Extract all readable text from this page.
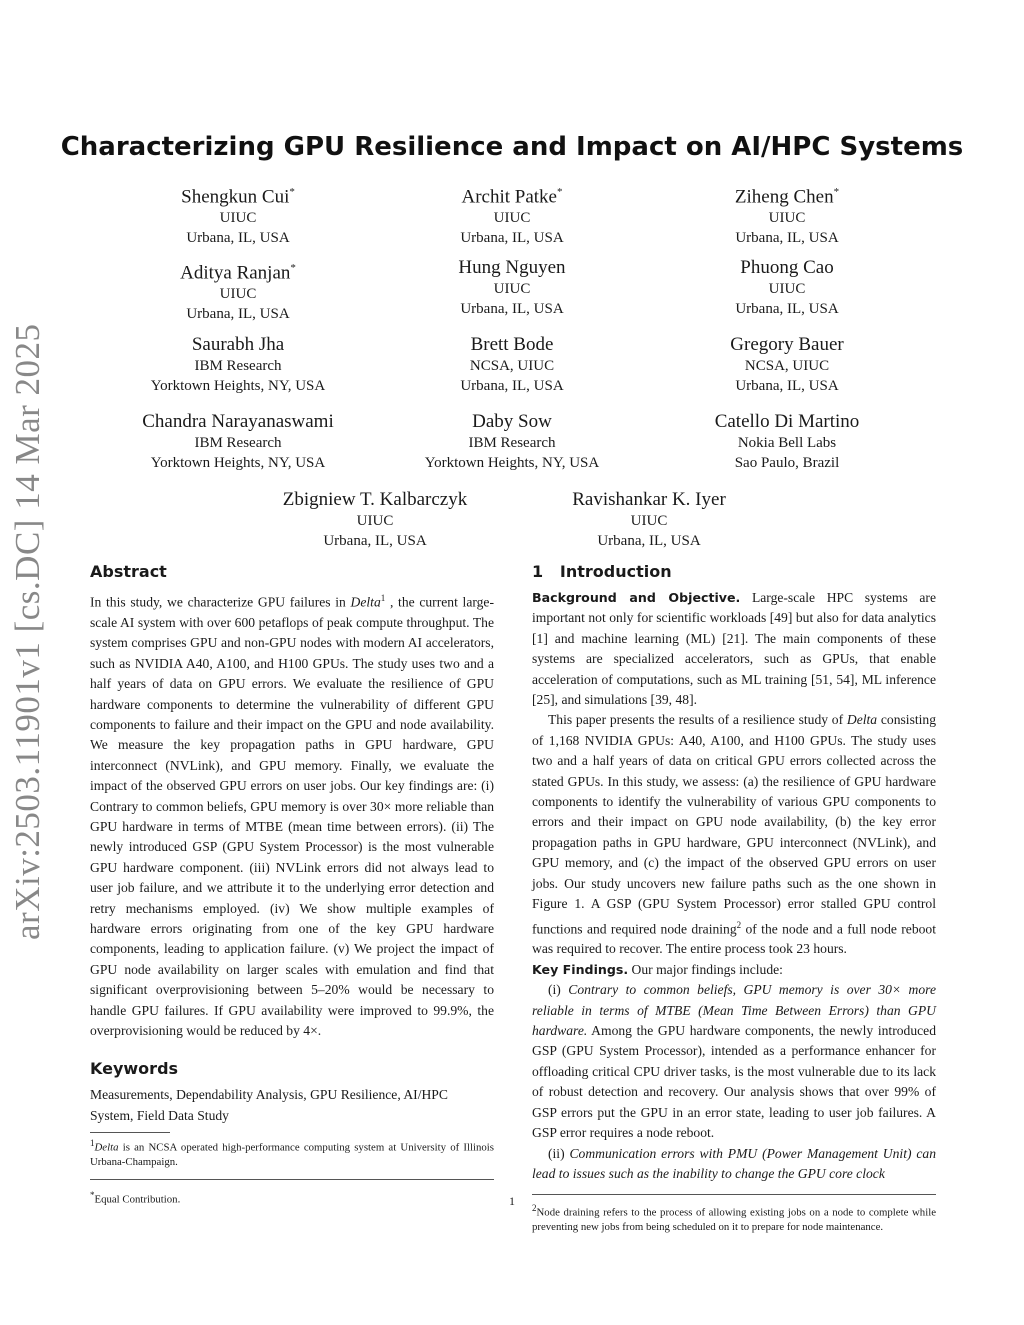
arXiv:2503.11901v1 [cs.DC] 14 Mar 2025
Characterizing GPU Resilience and Impact on AI/HPC Systems
Shengkun Cui*
UIUC
Urbana, IL, USA
Archit Patke*
UIUC
Urbana, IL, USA
Ziheng Chen*
UIUC
Urbana, IL, USA
Aditya Ranjan*
UIUC
Urbana, IL, USA
Hung Nguyen
UIUC
Urbana, IL, USA
Phuong Cao
UIUC
Urbana, IL, USA
Saurabh Jha
IBM Research
Yorktown Heights, NY, USA
Brett Bode
NCSA, UIUC
Urbana, IL, USA
Gregory Bauer
NCSA, UIUC
Urbana, IL, USA
Chandra Narayanaswami
IBM Research
Yorktown Heights, NY, USA
Daby Sow
IBM Research
Yorktown Heights, NY, USA
Catello Di Martino
Nokia Bell Labs
Sao Paulo, Brazil
Zbigniew T. Kalbarczyk
UIUC
Urbana, IL, USA
Ravishankar K. Iyer
UIUC
Urbana, IL, USA
Abstract

In this study, we characterize GPU failures in Delta$^1$ , the current large-scale AI system with over 600 petaflops of peak compute throughput. The system comprises GPU and non-GPU nodes with modern AI accelerators, such as NVIDIA A40, A100, and H100 GPUs. The study uses two and a half years of data on GPU errors. We evaluate the resilience of GPU hardware components to determine the vulnerability of different GPU components to failure and their impact on the GPU and node availability. We measure the key propagation paths in GPU hardware, GPU interconnect (NVLink), and GPU memory. Finally, we evaluate the impact of the observed GPU errors on user jobs. Our key findings are: (i) Contrary to common beliefs, GPU memory is over 30× more reliable than GPU hardware in terms of MTBE (mean time between errors). (ii) The newly introduced GSP (GPU System Processor) is the most vulnerable GPU hardware component. (iii) NVLink errors did not always lead to user job failure, and we attribute it to the underlying error detection and retry mechanisms employed. (iv) We show multiple examples of hardware errors originating from one of the key GPU hardware components, leading to application failure. (v) We project the impact of GPU node availability on larger scales with emulation and find that significant overprovisioning between 5–20% would be necessary to handle GPU failures. If GPU availability were improved to 99.9%, the overprovisioning would be reduced by 4×.

Keywords

Measurements, Dependability Analysis, GPU Resilience, AI/HPC System, Field Data Study

$^1$Delta is an NCSA operated high-performance computing system at University of Illinois Urbana-Champaign.
*Equal Contribution.
1 Introduction

Background and Objective. Large-scale HPC systems are important not only for scientific workloads [49] but also for data analytics [1] and machine learning (ML) [21]. The main components of these systems are specialized accelerators, such as GPUs, that enable acceleration of computations, such as ML training [51, 54], ML inference [25], and simulations [39, 48].

This paper presents the results of a resilience study of Delta consisting of 1,168 NVIDIA GPUs: A40, A100, and H100 GPUs. The study uses two and a half years of data on critical GPU errors collected across the stated GPUs. In this study, we assess: (a) the resilience of GPU hardware components to identify the vulnerability of various GPU components to errors and their impact on GPU node availability, (b) the key error propagation paths in GPU hardware, GPU interconnect (NVLink), and GPU memory, and (c) the impact of the observed GPU errors on user jobs. Our study uncovers new failure paths such as the one shown in Figure 1. A GSP (GPU System Processor) error stalled GPU control functions and required node draining$^2$ of the node and a full node reboot was required to recover. The entire process took 23 hours.

Key Findings. Our major findings include:

(i) Contrary to common beliefs, GPU memory is over 30× more reliable in terms of MTBE (Mean Time Between Errors) than GPU hardware. Among the GPU hardware components, the newly introduced GSP (GPU System Processor), intended as a performance enhancer for offloading critical CPU driver tasks, is the most vulnerable due to its lack of robust detection and recovery. Our analysis shows that over 99% of GSP errors put the GPU in an error state, leading to user job failures. A GSP error requires a node reboot.

(ii) Communication errors with PMU (Power Management Unit) can lead to issues such as the inability to change the GPU core clock

$^2$Node draining refers to the process of allowing existing jobs on a node to complete while preventing new jobs from being scheduled on it to prepare for node maintenance.
1
